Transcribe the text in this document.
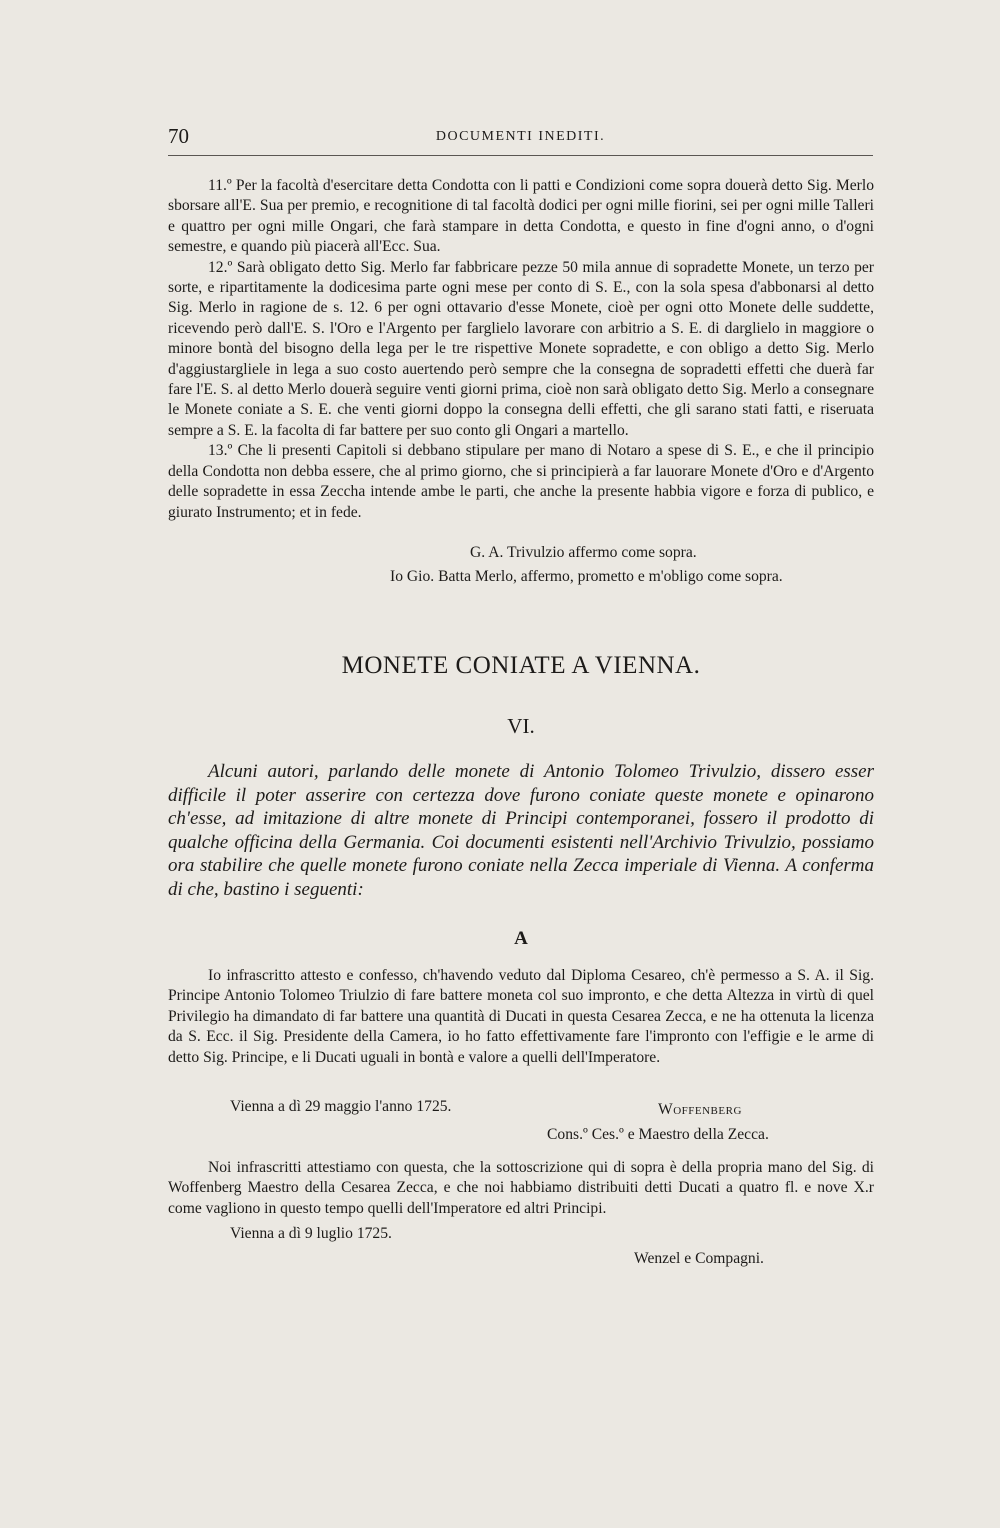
70	DOCUMENTI INEDITI.

11.º Per la facoltà d'esercitare detta Condotta con li patti e Condizioni come sopra douerà detto Sig. Merlo sborsare all'E. Sua per premio, e recognitione di tal facoltà dodici per ogni mille fiorini, sei per ogni mille Talleri e quattro per ogni mille Ongari, che farà stampare in detta Condotta, e questo in fine d'ogni anno, o d'ogni semestre, e quando più piacerà all'Ecc. Sua.

12.º Sarà obligato detto Sig. Merlo far fabbricare pezze 50 mila annue di sopradette Monete, un terzo per sorte, e ripartitamente la dodicesima parte ogni mese per conto di S. E., con la sola spesa d'abbonarsi al detto Sig. Merlo in ragione de s. 12. 6 per ogni ottavario d'esse Monete, cioè per ogni otto Monete delle suddette, ricevendo però dall'E. S. l'Oro e l'Argento per farglielo lavorare con arbitrio a S. E. di darglielo in maggiore o minore bontà del bisogno della lega per le tre rispettive Monete sopradette, e con obligo a detto Sig. Merlo d'aggiustargliele in lega a suo costo auertendo però sempre che la consegna de sopradetti effetti che duerà far fare l'E. S. al detto Merlo douerà seguire venti giorni prima, cioè non sarà obligato detto Sig. Merlo a consegnare le Monete coniate a S. E. che venti giorni doppo la consegna delli effetti, che gli sarano stati fatti, e riseruata sempre a S. E. la facolta di far battere per suo conto gli Ongari a martello.

13.º Che li presenti Capitoli si debbano stipulare per mano di Notaro a spese di S. E., e che il principio della Condotta non debba essere, che al primo giorno, che si principierà a far lauorare Monete d'Oro e d'Argento delle sopradette in essa Zeccha intende ambe le parti, che anche la presente habbia vigore e forza di publico, e giurato Instrumento; et in fede.

G. A. Trivulzio affermo come sopra.
Io Gio. Batta Merlo, affermo, prometto e m'obligo come sopra.
MONETE CONIATE A VIENNA.
VI.

Alcuni autori, parlando delle monete di Antonio Tolomeo Trivulzio, dissero esser difficile il poter asserire con certezza dove furono coniate queste monete e opinarono ch'esse, ad imitazione di altre monete di Principi contemporanei, fossero il prodotto di qualche officina della Germania. Coi documenti esistenti nell'Archivio Trivulzio, possiamo ora stabilire che quelle monete furono coniate nella Zecca imperiale di Vienna. A conferma di che, bastino i seguenti:

A

Io infrascritto attesto e confesso, ch'havendo veduto dal Diploma Cesareo, ch'è permesso a S. A. il Sig. Principe Antonio Tolomeo Triulzio di fare battere moneta col suo impronto, e che detta Altezza in virtù di quel Privilegio ha dimandato di far battere una quantità di Ducati in questa Cesarea Zecca, e ne ha ottenuta la licenza da S. Ecc. il Sig. Presidente della Camera, io ho fatto effettivamente fare l'impronto con l'effigie e le arme di detto Sig. Principe, e li Ducati uguali in bontà e valore a quelli dell'Imperatore.

Vienna a dì 29 maggio l'anno 1725.	Woffenberg
Cons.º Ces.º e Maestro della Zecca.

Noi infrascritti attestiamo con questa, che la sottoscrizione qui di sopra è della propria mano del Sig. di Woffenberg Maestro della Cesarea Zecca, e che noi habbiamo distribuiti detti Ducati a quatro fl. e nove X.r come vagliono in questo tempo quelli dell'Imperatore ed altri Principi.

Vienna a dì 9 luglio 1725.
Wenzel e Compagni.
